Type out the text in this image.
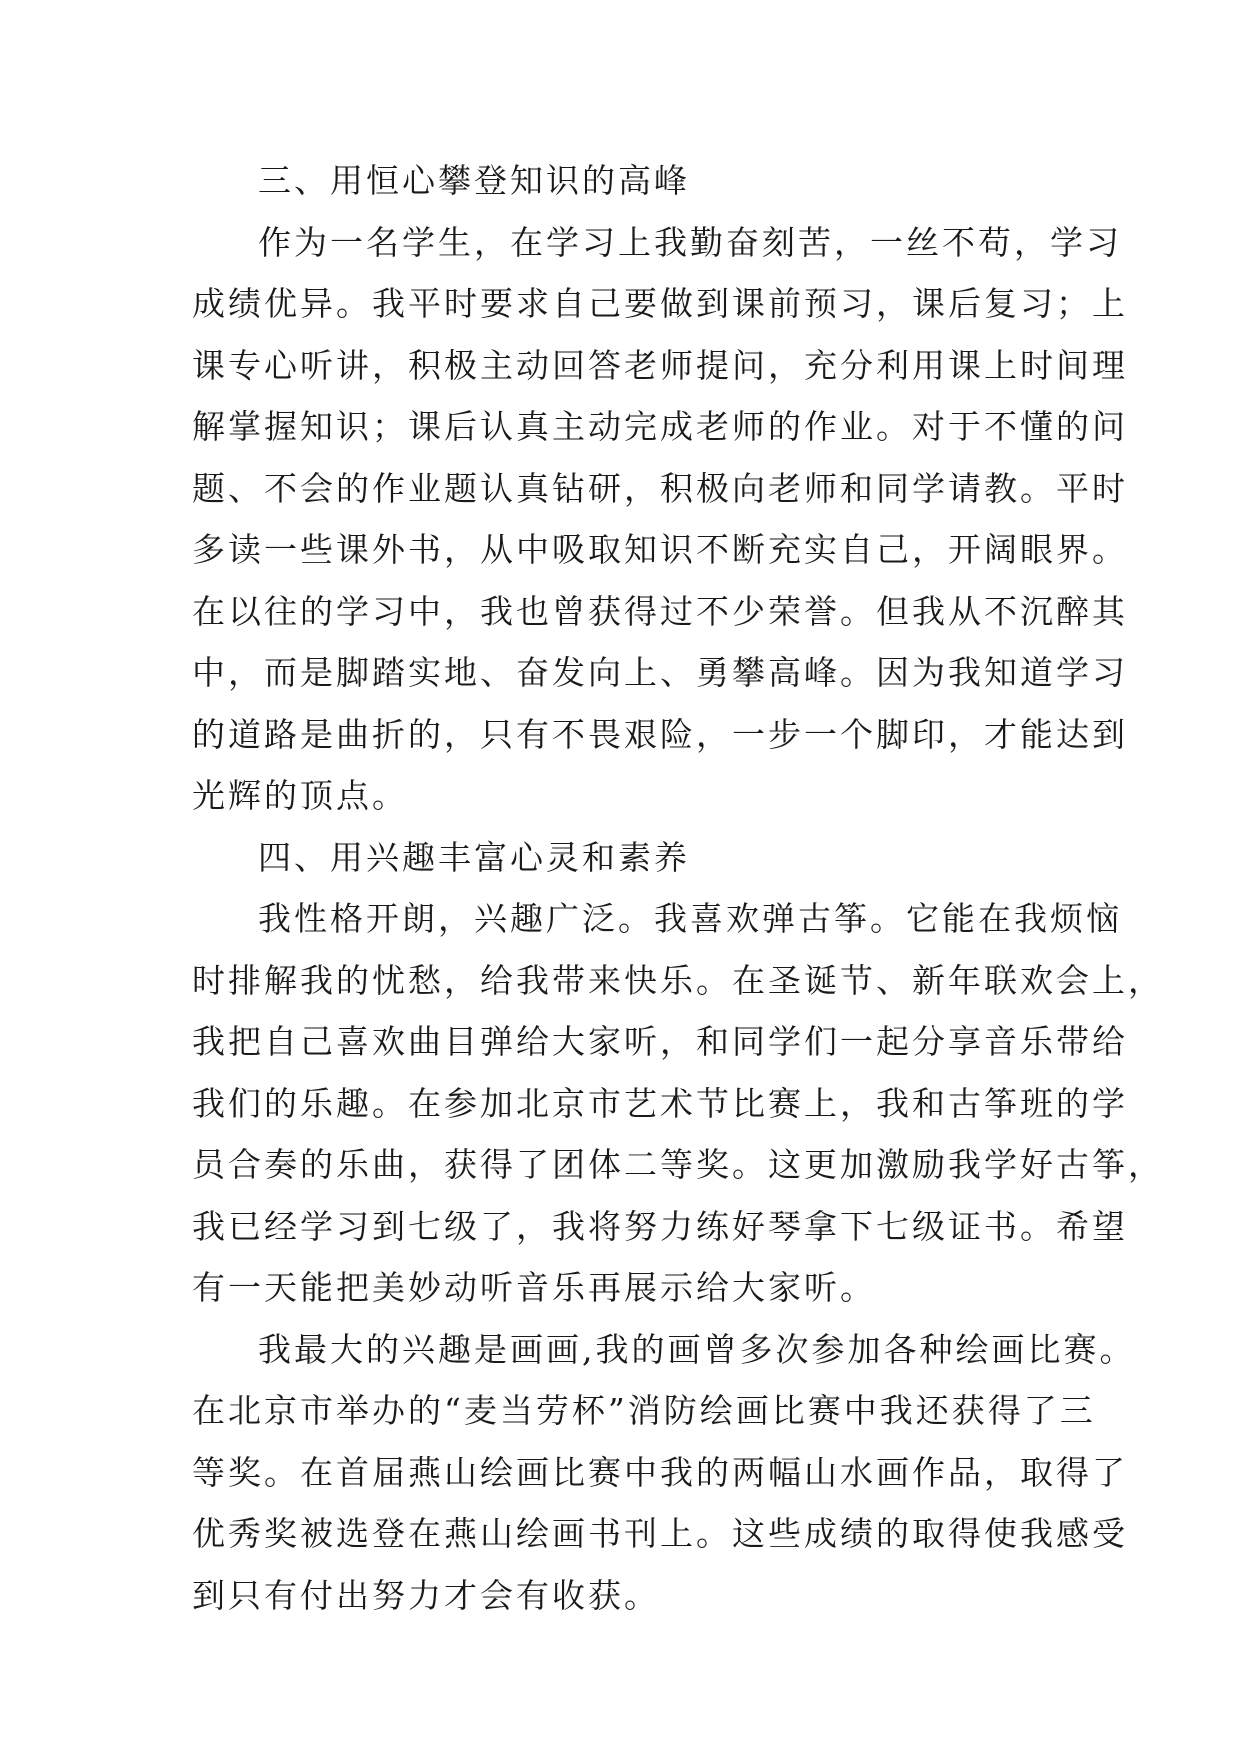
三、用恒心攀登知识的高峰
作为一名学生，在学习上我勤奋刻苦，一丝不苟，学习
成绩优异。我平时要求自己要做到课前预习，课后复习；上
课专心听讲，积极主动回答老师提问，充分利用课上时间理
解掌握知识；课后认真主动完成老师的作业。对于不懂的问
题、不会的作业题认真钻研，积极向老师和同学请教。平时
多读一些课外书，从中吸取知识不断充实自己，开阔眼界。
在以往的学习中，我也曾获得过不少荣誉。但我从不沉醉其
中，而是脚踏实地、奋发向上、勇攀高峰。因为我知道学习
的道路是曲折的，只有不畏艰险，一步一个脚印，才能达到
光辉的顶点。
四、用兴趣丰富心灵和素养
我性格开朗，兴趣广泛。我喜欢弹古筝。它能在我烦恼
时排解我的忧愁，给我带来快乐。在圣诞节、新年联欢会上，
我把自己喜欢曲目弹给大家听，和同学们一起分享音乐带给
我们的乐趣。在参加北京市艺术节比赛上，我和古筝班的学
员合奏的乐曲，获得了团体二等奖。这更加激励我学好古筝，
我已经学习到七级了，我将努力练好琴拿下七级证书。希望
有一天能把美妙动听音乐再展示给大家听。
我最大的兴趣是画画,我的画曾多次参加各种绘画比赛。
在北京市举办的“麦当劳杯”消防绘画比赛中我还获得了三
等奖。在首届燕山绘画比赛中我的两幅山水画作品，取得了
优秀奖被选登在燕山绘画书刊上。这些成绩的取得使我感受
到只有付出努力才会有收获。
